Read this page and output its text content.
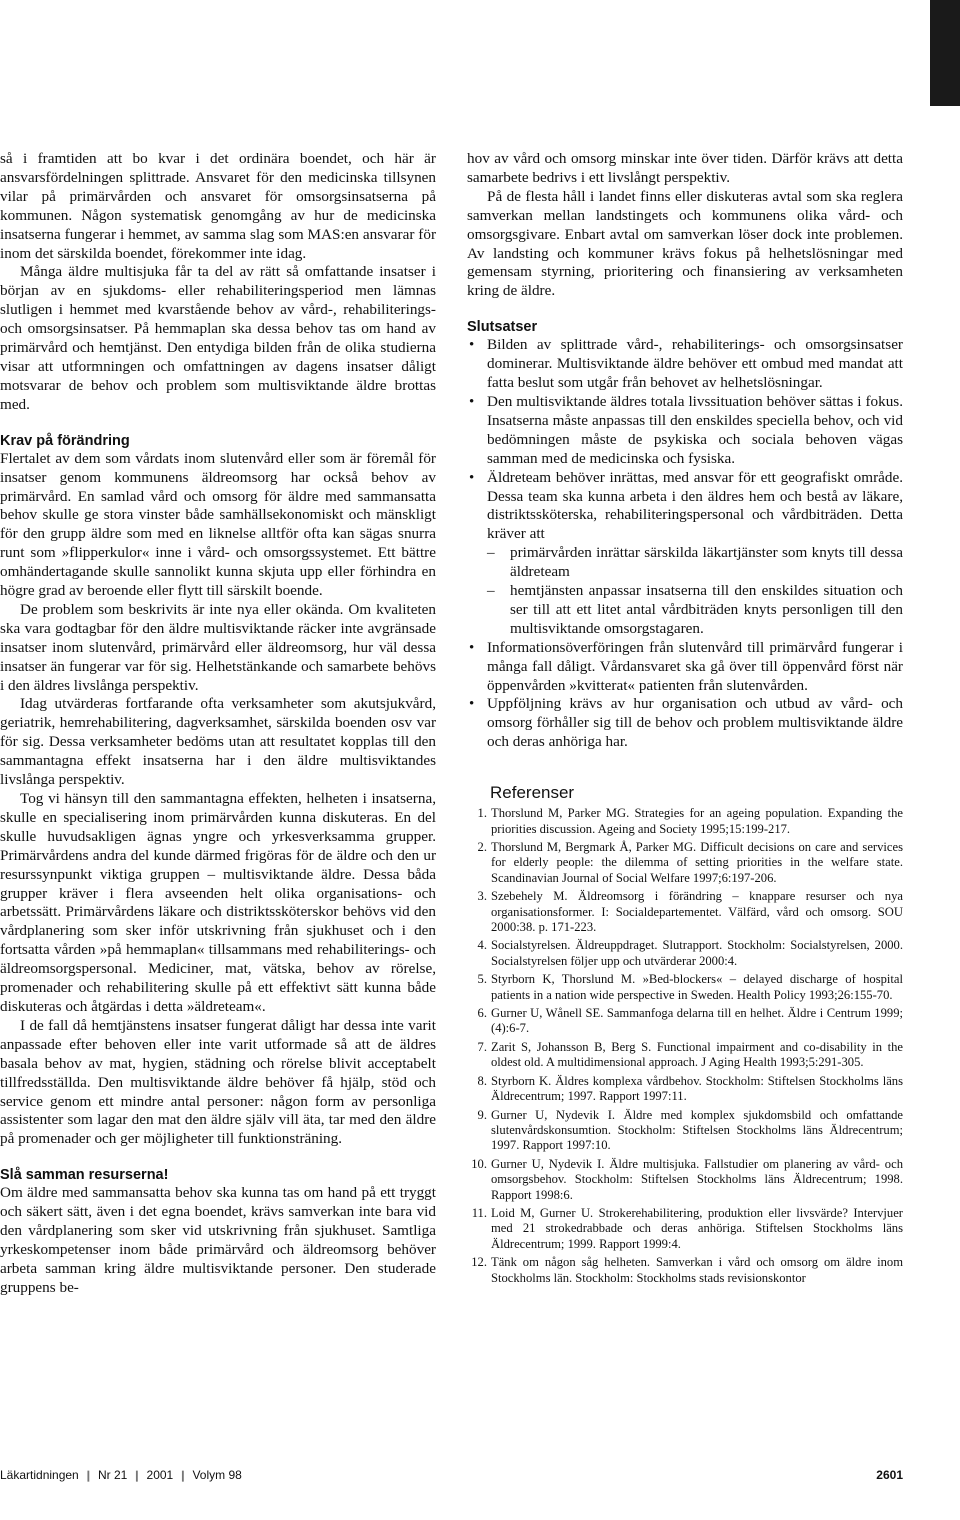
så i framtiden att bo kvar i det ordinära boendet, och här är ansvarsfördelningen splittrade. Ansvaret för den medicinska tillsynen vilar på primärvården och ansvaret för omsorgsinsatserna på kommunen. Någon systematisk genomgång av hur de medicinska insatserna fungerar i hemmet, av samma slag som MAS:en ansvarar för inom det särskilda boendet, förekommer inte idag.

Många äldre multisjuka får ta del av rätt så omfattande insatser i början av en sjukdoms- eller rehabiliteringsperiod men lämnas slutligen i hemmet med kvarstående behov av vård-, rehabiliterings- och omsorgsinsatser. På hemmaplan ska dessa behov tas om hand av primärvård och hemtjänst. Den entydiga bilden från de olika studierna visar att utformningen och omfattningen av dagens insatser dåligt motsvarar de behov och problem som multisviktande äldre brottas med.

Krav på förändring

Flertalet av dem som vårdats inom slutenvård eller som är föremål för insatser genom kommunens äldreomsorg har också behov av primärvård. En samlad vård och omsorg för äldre med sammansatta behov skulle ge stora vinster både samhällsekonomiskt och mänskligt för den grupp äldre som med en liknelse alltför ofta kan sägas snurra runt som »flipperkulor« inne i vård- och omsorgssystemet. Ett bättre omhändertagande skulle sannolikt kunna skjuta upp eller förhindra en högre grad av beroende eller flytt till särskilt boende.

De problem som beskrivits är inte nya eller okända. Om kvaliteten ska vara godtagbar för den äldre multisviktande räcker inte avgränsade insatser inom slutenvård, primärvård eller äldreomsorg, hur väl dessa insatser än fungerar var för sig. Helhetstänkande och samarbete behövs i den äldres livslånga perspektiv.

Idag utvärderas fortfarande ofta verksamheter som akutsjukvård, geriatrik, hemrehabilitering, dagverksamhet, särskilda boenden osv var för sig. Dessa verksamheter bedöms utan att resultatet kopplas till den sammantagna effekt insatserna har i den äldre multisviktandes livslånga perspektiv.

Tog vi hänsyn till den sammantagna effekten, helheten i insatserna, skulle en specialisering inom primärvården kunna diskuteras. En del skulle huvudsakligen ägnas yngre och yrkesverksamma grupper. Primärvårdens andra del kunde därmed frigöras för de äldre och den ur resurssynpunkt viktiga gruppen – multisviktande äldre. Dessa båda grupper kräver i flera avseenden helt olika organisations- och arbetssätt. Primärvårdens läkare och distriktssköterskor behövs vid den vårdplanering som sker inför utskrivning från sjukhuset och i den fortsatta vården »på hemmaplan« tillsammans med rehabiliterings- och äldreomsorgspersonal. Mediciner, mat, vätska, behov av rörelse, promenader och rehabilitering skulle på ett effektivt sätt kunna både diskuteras och åtgärdas i detta »äldreteam«.

I de fall då hemtjänstens insatser fungerat dåligt har dessa inte varit anpassade efter behoven eller inte varit utformade så att de äldres basala behov av mat, hygien, städning och rörelse blivit acceptabelt tillfredsställda. Den multisviktande äldre behöver få hjälp, stöd och service genom ett mindre antal personer: någon form av personliga assistenter som lagar den mat den äldre själv vill äta, tar med den äldre på promenader och ger möjligheter till funktionsträning.

Slå samman resurserna!

Om äldre med sammansatta behov ska kunna tas om hand på ett tryggt och säkert sätt, även i det egna boendet, krävs samverkan inte bara vid den vårdplanering som sker vid utskrivning från sjukhuset. Samtliga yrkeskompetenser inom både primärvård och äldreomsorg behöver arbeta samman kring äldre multisviktande personer. Den studerade gruppens be-

hov av vård och omsorg minskar inte över tiden. Därför krävs att detta samarbete bedrivs i ett livslångt perspektiv.

På de flesta håll i landet finns eller diskuteras avtal som ska reglera samverkan mellan landstingets och kommunens olika vård- och omsorgsgivare. Enbart avtal om samverkan löser dock inte problemen. Av landsting och kommuner krävs fokus på helhetslösningar med gemensam styrning, prioritering och finansiering av verksamheten kring de äldre.

Slutsatser
• Bilden av splittrade vård-, rehabiliterings- och omsorgsinsatser dominerar. Multisviktande äldre behöver ett ombud med mandat att fatta beslut som utgår från behovet av helhetslösningar.
• Den multisviktande äldres totala livssituation behöver sättas i fokus. Insatserna måste anpassas till den enskildes speciella behov, och vid bedömningen måste de psykiska och sociala behoven vägas samman med de medicinska och fysiska.
• Äldreteam behöver inrättas, med ansvar för ett geografiskt område. Dessa team ska kunna arbeta i den äldres hem och bestå av läkare, distriktssköterska, rehabiliteringspersonal och vårdbiträden. Detta kräver att
– primärvården inrättar särskilda läkartjänster som knyts till dessa äldreteam
– hemtjänsten anpassar insatserna till den enskildes situation och ser till att ett litet antal vårdbiträden knyts personligen till den multisviktande omsorgstagaren.
• Informationsöverföringen från slutenvård till primärvård fungerar i många fall dåligt. Vårdansvaret ska gå över till öppenvård först när öppenvården »kvitterat« patienten från slutenvården.
• Uppföljning krävs av hur organisation och utbud av vård- och omsorg förhåller sig till de behov och problem multisviktande äldre och deras anhöriga har.
Referenser
1. Thorslund M, Parker MG. Strategies for an ageing population. Expanding the priorities discussion. Ageing and Society 1995;15:199-217.
2. Thorslund M, Bergmark Å, Parker MG. Difficult decisions on care and services for elderly people: the dilemma of setting priorities in the welfare state. Scandinavian Journal of Social Welfare 1997;6:197-206.
3. Szebehely M. Äldreomsorg i förändring – knappare resurser och nya organisationsformer. I: Socialdepartementet. Välfärd, vård och omsorg. SOU 2000:38. p. 171-223.
4. Socialstyrelsen. Äldreuppdraget. Slutrapport. Stockholm: Socialstyrelsen, 2000. Socialstyrelsen följer upp och utvärderar 2000:4.
5. Styrborn K, Thorslund M. »Bed-blockers« – delayed discharge of hospital patients in a nation wide perspective in Sweden. Health Policy 1993;26:155-70.
6. Gurner U, Wånell SE. Sammanfoga delarna till en helhet. Äldre i Centrum 1999;(4):6-7.
7. Zarit S, Johansson B, Berg S. Functional impairment and co-disability in the oldest old. A multidimensional approach. J Aging Health 1993;5:291-305.
8. Styrborn K. Äldres komplexa vårdbehov. Stockholm: Stiftelsen Stockholms läns Äldrecentrum; 1997. Rapport 1997:11.
9. Gurner U, Nydevik I. Äldre med komplex sjukdomsbild och omfattande slutenvårdskonsumtion. Stockholm: Stiftelsen Stockholms läns Äldrecentrum; 1997. Rapport 1997:10.
10. Gurner U, Nydevik I. Äldre multisjuka. Fallstudier om planering av vård- och omsorgsbehov. Stockholm: Stiftelsen Stockholms läns Äldrecentrum; 1998. Rapport 1998:6.
11. Loid M, Gurner U. Strokerehabilitering, produktion eller livsvärde? Intervjuer med 21 strokedrabbade och deras anhöriga. Stiftelsen Stockholms läns Äldrecentrum; 1999. Rapport 1999:4.
12. Tänk om någon såg helheten. Samverkan i vård och omsorg om äldre inom Stockholms län. Stockholm: Stockholms stads revisionskontor
Läkartidningen ❙ Nr 21 ❙ 2001 ❙ Volym 98	2601
